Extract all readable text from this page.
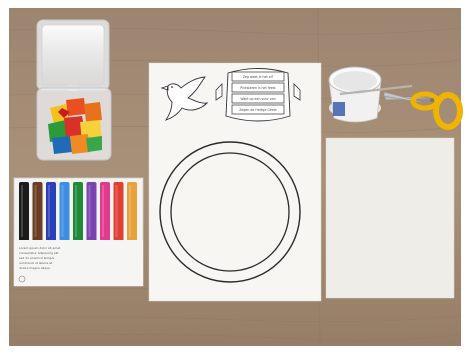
Lorem ipsum dolor sit amet
consectetur adipiscing elit
sed do eiusmod tempor
incididunt ut labore et
dolore magna aliqua
Zeg weet je het al?
Pinksteren is het feest
Want op een vuur van
Zegen de Heilige Geest
